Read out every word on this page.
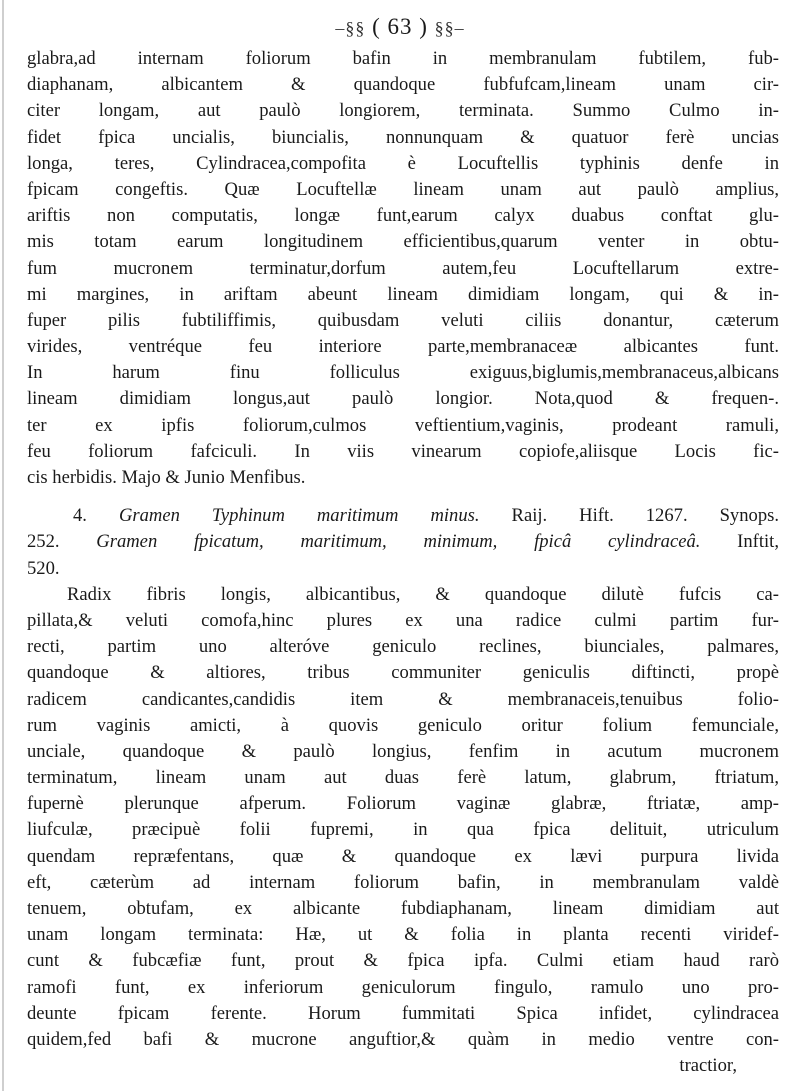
–§§ ( 63 ) §§–
glabra,ad internam foliorum bafin in membranulam fubtilem, fub-
diaphanam, albicantem & quandoque fubfufcam,lineam unam cir-
citer longam, aut paulò longiorem, terminata. Summo Culmo in-
fidet fpica uncialis, biuncialis, nonnunquam & quatuor ferè uncias
longa, teres, Cylindracea,compofita è Locuftellis typhinis denfe in
fpicam congeftis. Quæ Locuftellæ lineam unam aut paulò amplius,
ariftis non computatis, longæ funt,earum calyx duabus conftat glu-
mis totam earum longitudinem efficientibus,quarum venter in obtu-
fum mucronem terminatur,dorfum autem,feu Locuftellarum extre-
mi margines, in ariftam abeunt lineam dimidiam longam, qui & in-
fuper pilis fubtiliffimis, quibusdam veluti ciliis donantur, cæterum
virides, ventréque feu interiore parte,membranaceæ albicantes funt.
In harum finu folliculus exiguus,biglumis,membranaceus,albicans
lineam dimidiam longus,aut paulò longior. Nota,quod & frequen-.
ter ex ipfis foliorum,culmos veftientium,vaginis, prodeant ramuli,
feu foliorum fafciculi. In viis vinearum copiofe,aliisque Locis fic-
cis herbidis. Majo & Junio Menfibus.
4. Gramen Typhinum maritimum minus. Raij. Hift. 1267. Synops.
252. Gramen fpicatum, maritimum, minimum, fpicâ cylindraceâ. Inftit,
520.
Radix fibris longis, albicantibus, & quandoque dilutè fufcis ca-
pillata,& veluti comofa,hinc plures ex una radice culmi partim fur-
recti, partim uno alteróve geniculo reclines, biunciales, palmares,
quandoque & altiores, tribus communiter geniculis diftincti, propè
radicem candicantes,candidis item & membranaceis,tenuibus folio-
rum vaginis amicti, à quovis geniculo oritur folium femunciale,
unciale, quandoque & paulò longius, fenfim in acutum mucronem
terminatum, lineam unam aut duas ferè latum, glabrum, ftriatum,
fupernè plerunque afperum. Foliorum vaginæ glabræ, ftriatæ, amp-
liufculæ, præcipuè folii fupremi, in qua fpica delituit, utriculum
quendam repræfentans, quæ & quandoque ex lævi purpura livida
eft, cæterùm ad internam foliorum bafin, in membranulam valdè
tenuem, obtufam, ex albicante fubdiaphanam, lineam dimidiam aut
unam longam terminata: Hæ, ut & folia in planta recenti viridef-
cunt & fubcæfiæ funt, prout & fpica ipfa. Culmi etiam haud rarò
ramofi funt, ex inferiorum geniculorum fingulo, ramulo uno pro-
deunte fpicam ferente. Horum fummitati Spica infidet, cylindracea
quidem,fed bafi & mucrone anguftior,& quàm in medio ventre con-
tractior,
